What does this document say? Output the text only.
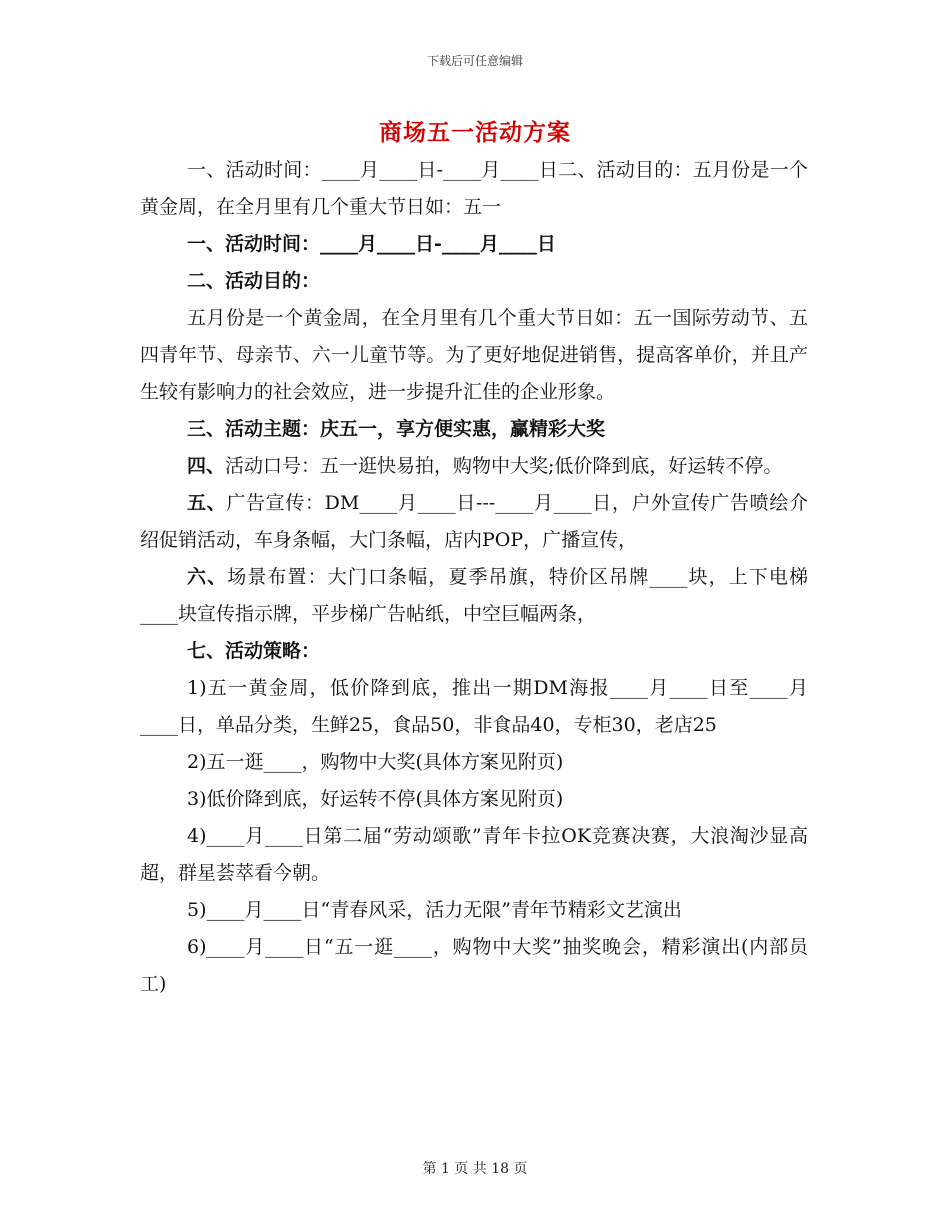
下载后可任意编辑
商场五一活动方案

一、活动时间：____月____日-____月____日二、活动目的：五月份是一个黄金周，在全月里有几个重大节日如：五一

一、活动时间：____月____日-____月____日

二、活动目的：

五月份是一个黄金周，在全月里有几个重大节日如：五一国际劳动节、五四青年节、母亲节、六一儿童节等。为了更好地促进销售，提高客单价，并且产生较有影响力的社会效应，进一步提升汇佳的企业形象。

三、活动主题：庆五一，享方便实惠，赢精彩大奖

四、活动口号：五一逛快易拍，购物中大奖;低价降到底，好运转不停。

五、广告宣传：DM____月____日---____月____日，户外宣传广告喷绘介绍促销活动，车身条幅，大门条幅，店内POP，广播宣传，

六、场景布置：大门口条幅，夏季吊旗，特价区吊牌____块，上下电梯____块宣传指示牌，平步梯广告帖纸，中空巨幅两条，

七、活动策略：

1)五一黄金周，低价降到底，推出一期DM海报____月____日至____月____日，单品分类，生鲜25，食品50，非食品40，专柜30，老店25

2)五一逛____，购物中大奖(具体方案见附页)

3)低价降到底，好运转不停(具体方案见附页)

4)____月____日第二届“劳动颂歌”青年卡拉OK竞赛决赛，大浪淘沙显高超，群星荟萃看今朝。

5)____月____日“青春风采，活力无限”青年节精彩文艺演出

6)____月____日“五一逛____，购物中大奖”抽奖晚会，精彩演出(内部员工)

第 1 页 共 18 页
